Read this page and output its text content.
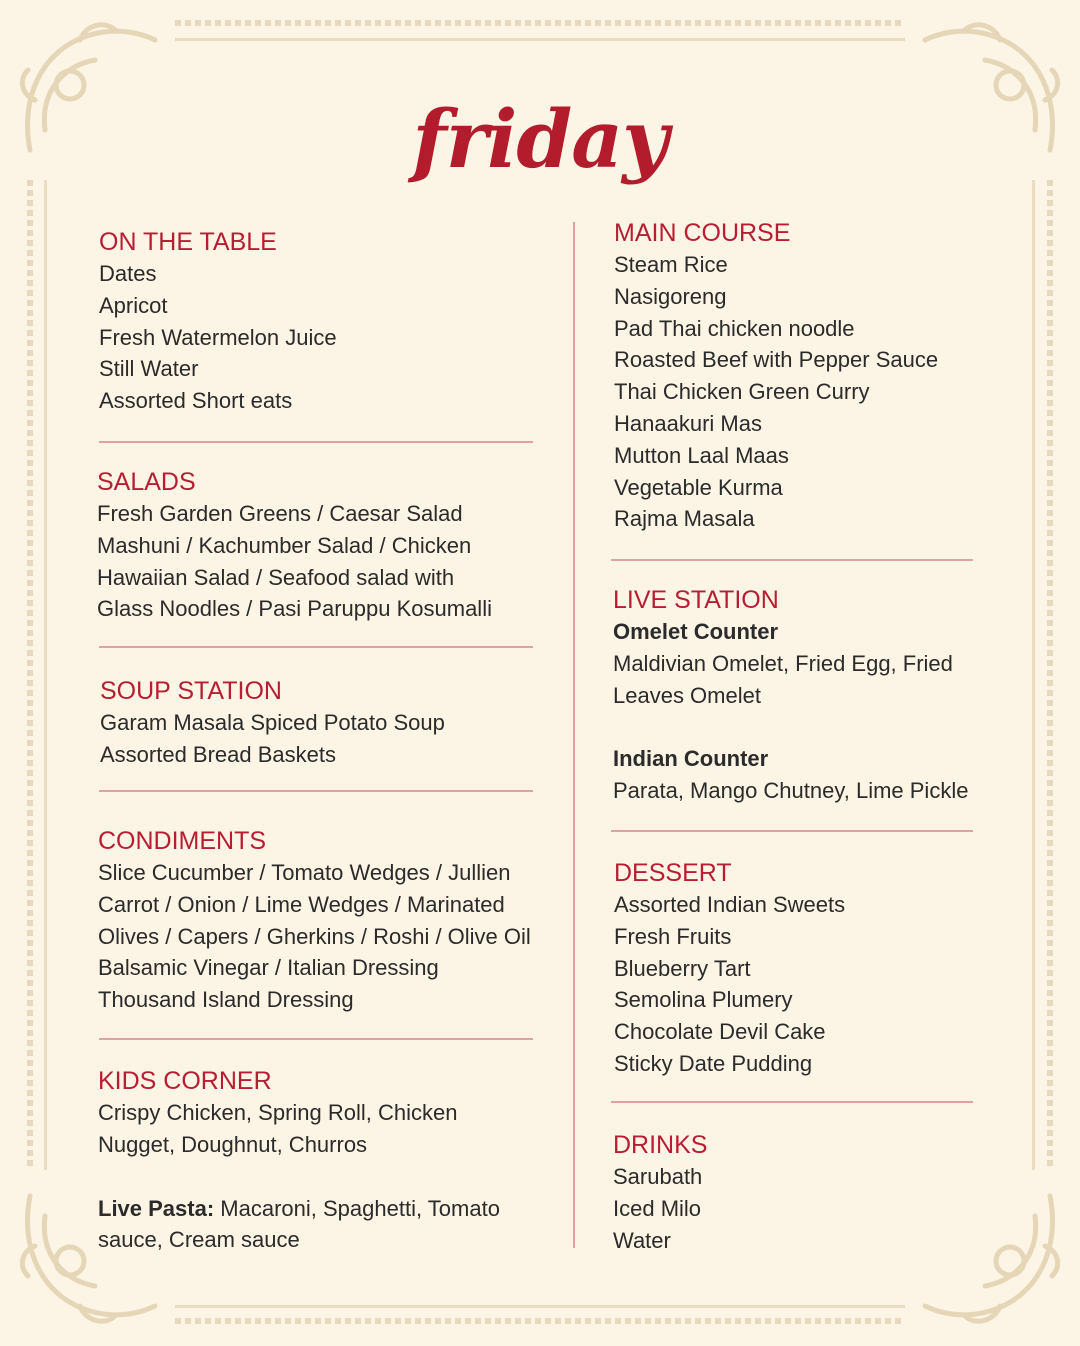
friday
ON THE TABLE
Dates
Apricot
Fresh Watermelon Juice
Still Water
Assorted Short eats
SALADS
Fresh Garden Greens / Caesar Salad
Mashuni / Kachumber Salad / Chicken
Hawaiian Salad / Seafood salad with
Glass Noodles / Pasi Paruppu Kosumalli
SOUP STATION
Garam Masala Spiced Potato Soup
Assorted Bread Baskets
CONDIMENTS
Slice Cucumber / Tomato Wedges / Jullien
Carrot / Onion / Lime Wedges / Marinated
Olives / Capers / Gherkins / Roshi / Olive Oil
Balsamic Vinegar / Italian Dressing
Thousand Island Dressing
KIDS CORNER
Crispy Chicken, Spring Roll, Chicken
Nugget, Doughnut, Churros
Live Pasta: Macaroni, Spaghetti, Tomato
sauce, Cream sauce
MAIN COURSE
Steam Rice
Nasigoreng
Pad Thai chicken noodle
Roasted Beef with Pepper Sauce
Thai Chicken Green Curry
Hanaakuri Mas
Mutton Laal Maas
Vegetable Kurma
Rajma Masala
LIVE STATION
Omelet Counter
Maldivian Omelet, Fried Egg, Fried
Leaves Omelet
Indian Counter
Parata, Mango Chutney, Lime Pickle
DESSERT
Assorted Indian Sweets
Fresh Fruits
Blueberry Tart
Semolina Plumery
Chocolate Devil Cake
Sticky Date Pudding
DRINKS
Sarubath
Iced Milo
Water
